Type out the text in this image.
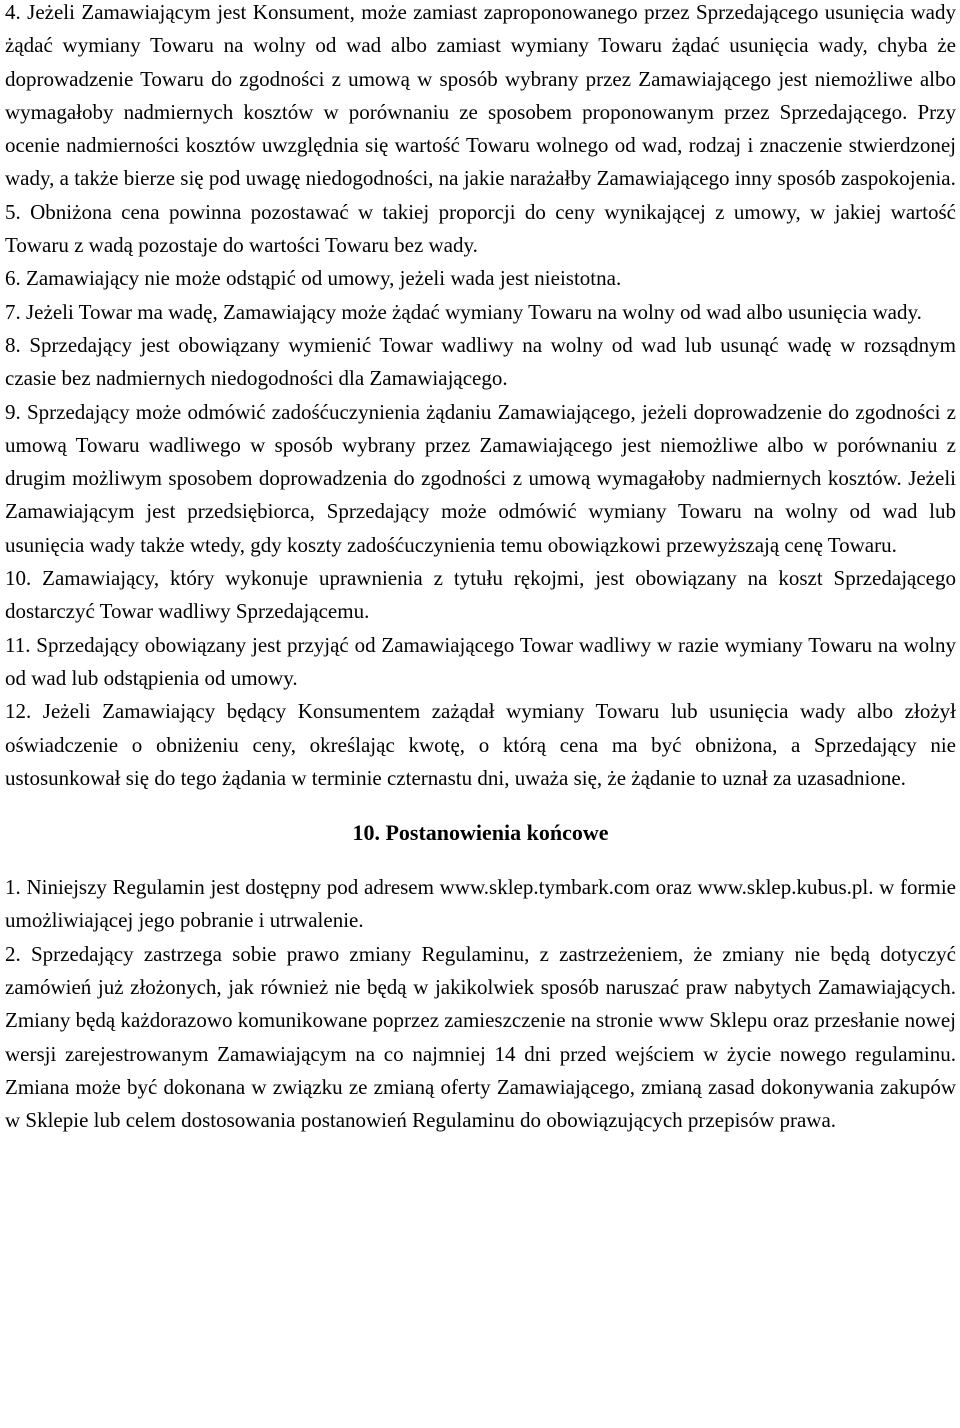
4. Jeżeli Zamawiającym jest Konsument, może zamiast zaproponowanego przez Sprzedającego usunięcia wady żądać wymiany Towaru na wolny od wad albo zamiast wymiany Towaru żądać usunięcia wady, chyba że doprowadzenie Towaru do zgodności z umową w sposób wybrany przez Zamawiającego jest niemożliwe albo wymagałoby nadmiernych kosztów w porównaniu ze sposobem proponowanym przez Sprzedającego. Przy ocenie nadmierności kosztów uwzględnia się wartość Towaru wolnego od wad, rodzaj i znaczenie stwierdzonej wady, a także bierze się pod uwagę niedogodności, na jakie narażałby Zamawiającego inny sposób zaspokojenia.

5. Obniżona cena powinna pozostawać w takiej proporcji do ceny wynikającej z umowy, w jakiej wartość Towaru z wadą pozostaje do wartości Towaru bez wady.

6. Zamawiający nie może odstąpić od umowy, jeżeli wada jest nieistotna.

7. Jeżeli Towar ma wadę, Zamawiający może żądać wymiany Towaru na wolny od wad albo usunięcia wady.

8. Sprzedający jest obowiązany wymienić Towar wadliwy na wolny od wad lub usunąć wadę w rozsądnym czasie bez nadmiernych niedogodności dla Zamawiającego.

9. Sprzedający może odmówić zadośćuczynienia żądaniu Zamawiającego, jeżeli doprowadzenie do zgodności z umową Towaru wadliwego w sposób wybrany przez Zamawiającego jest niemożliwe albo w porównaniu z drugim możliwym sposobem doprowadzenia do zgodności z umową wymagałoby nadmiernych kosztów. Jeżeli Zamawiającym jest przedsiębiorca, Sprzedający może odmówić wymiany Towaru na wolny od wad lub usunięcia wady także wtedy, gdy koszty zadośćuczynienia temu obowiązkowi przewyższają cenę Towaru.

10. Zamawiający, który wykonuje uprawnienia z tytułu rękojmi, jest obowiązany na koszt Sprzedającego dostarczyć Towar wadliwy Sprzedającemu.

11. Sprzedający obowiązany jest przyjąć od Zamawiającego Towar wadliwy w razie wymiany Towaru na wolny od wad lub odstąpienia od umowy.

12. Jeżeli Zamawiający będący Konsumentem zażądał wymiany Towaru lub usunięcia wady albo złożył oświadczenie o obniżeniu ceny, określając kwotę, o którą cena ma być obniżona, a Sprzedający nie ustosunkował się do tego żądania w terminie czternastu dni, uważa się, że żądanie to uznał za uzasadnione.

10. Postanowienia końcowe

1. Niniejszy Regulamin jest dostępny pod adresem www.sklep.tymbark.com oraz www.sklep.kubus.pl. w formie umożliwiającej jego pobranie i utrwalenie.

2. Sprzedający zastrzega sobie prawo zmiany Regulaminu, z zastrzeżeniem, że zmiany nie będą dotyczyć zamówień już złożonych, jak również nie będą w jakikolwiek sposób naruszać praw nabytych Zamawiających. Zmiany będą każdorazowo komunikowane poprzez zamieszczenie na stronie www Sklepu oraz przesłanie nowej wersji zarejestrowanym Zamawiającym na co najmniej 14 dni przed wejściem w życie nowego regulaminu. Zmiana może być dokonana w związku ze zmianą oferty Zamawiającego, zmianą zasad dokonywania zakupów w Sklepie lub celem dostosowania postanowień Regulaminu do obowiązujących przepisów prawa.
